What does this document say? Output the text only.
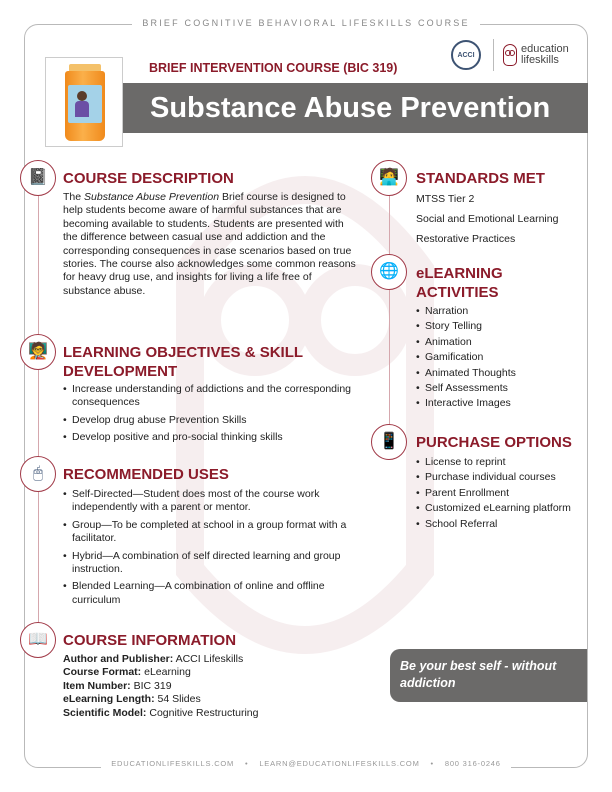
BRIEF COGNITIVE BEHAVIORAL LIFESKILLS COURSE
BRIEF INTERVENTION COURSE (BIC 319)
ACCI	education
lifeskills
Substance Abuse Prevention
📓 COURSE DESCRIPTION
The Substance Abuse Prevention Brief course is designed to help students become aware of harmful substances that are becoming available to students. Students are presented with the difference between casual use and addiction and the corresponding consequences in case scenarios based on true stories. The course also acknowledges some common reasons for heavy drug use, and insights for living a life free of substance abuse.
🧑‍🏫 LEARNING OBJECTIVES & SKILL DEVELOPMENT
• Increase understanding of addictions and the corresponding consequences
• Develop drug abuse Prevention Skills
• Develop positive and pro-social thinking skills
🖱 RECOMMENDED USES
• Self-Directed—Student does most of the course work independently with a parent or mentor.
• Group—To be completed at school in a group format with a facilitator.
• Hybrid—A combination of self directed learning and group instruction.
• Blended Learning—A combination of online and offline curriculum
📖 COURSE INFORMATION
Author and Publisher: ACCI Lifeskills
Course Format: eLearning
Item Number: BIC 319
eLearning Length: 54 Slides
Scientific Model: Cognitive Restructuring
🧑‍💻 STANDARDS MET
MTSS Tier 2
Social and Emotional Learning
Restorative Practices
🌐 eLEARNING
ACTIVITIES
• Narration
• Story Telling
• Animation
• Gamification
• Animated Thoughts
• Self Assessments
• Interactive Images
📱 PURCHASE OPTIONS
• License to reprint
• Purchase individual courses
• Parent Enrollment
• Customized eLearning platform
• School Referral

Be your best self - without addiction

EDUCATIONLIFESKILLS.COM • LEARN@EDUCATIONLIFESKILLS.COM • 800 316-0246
